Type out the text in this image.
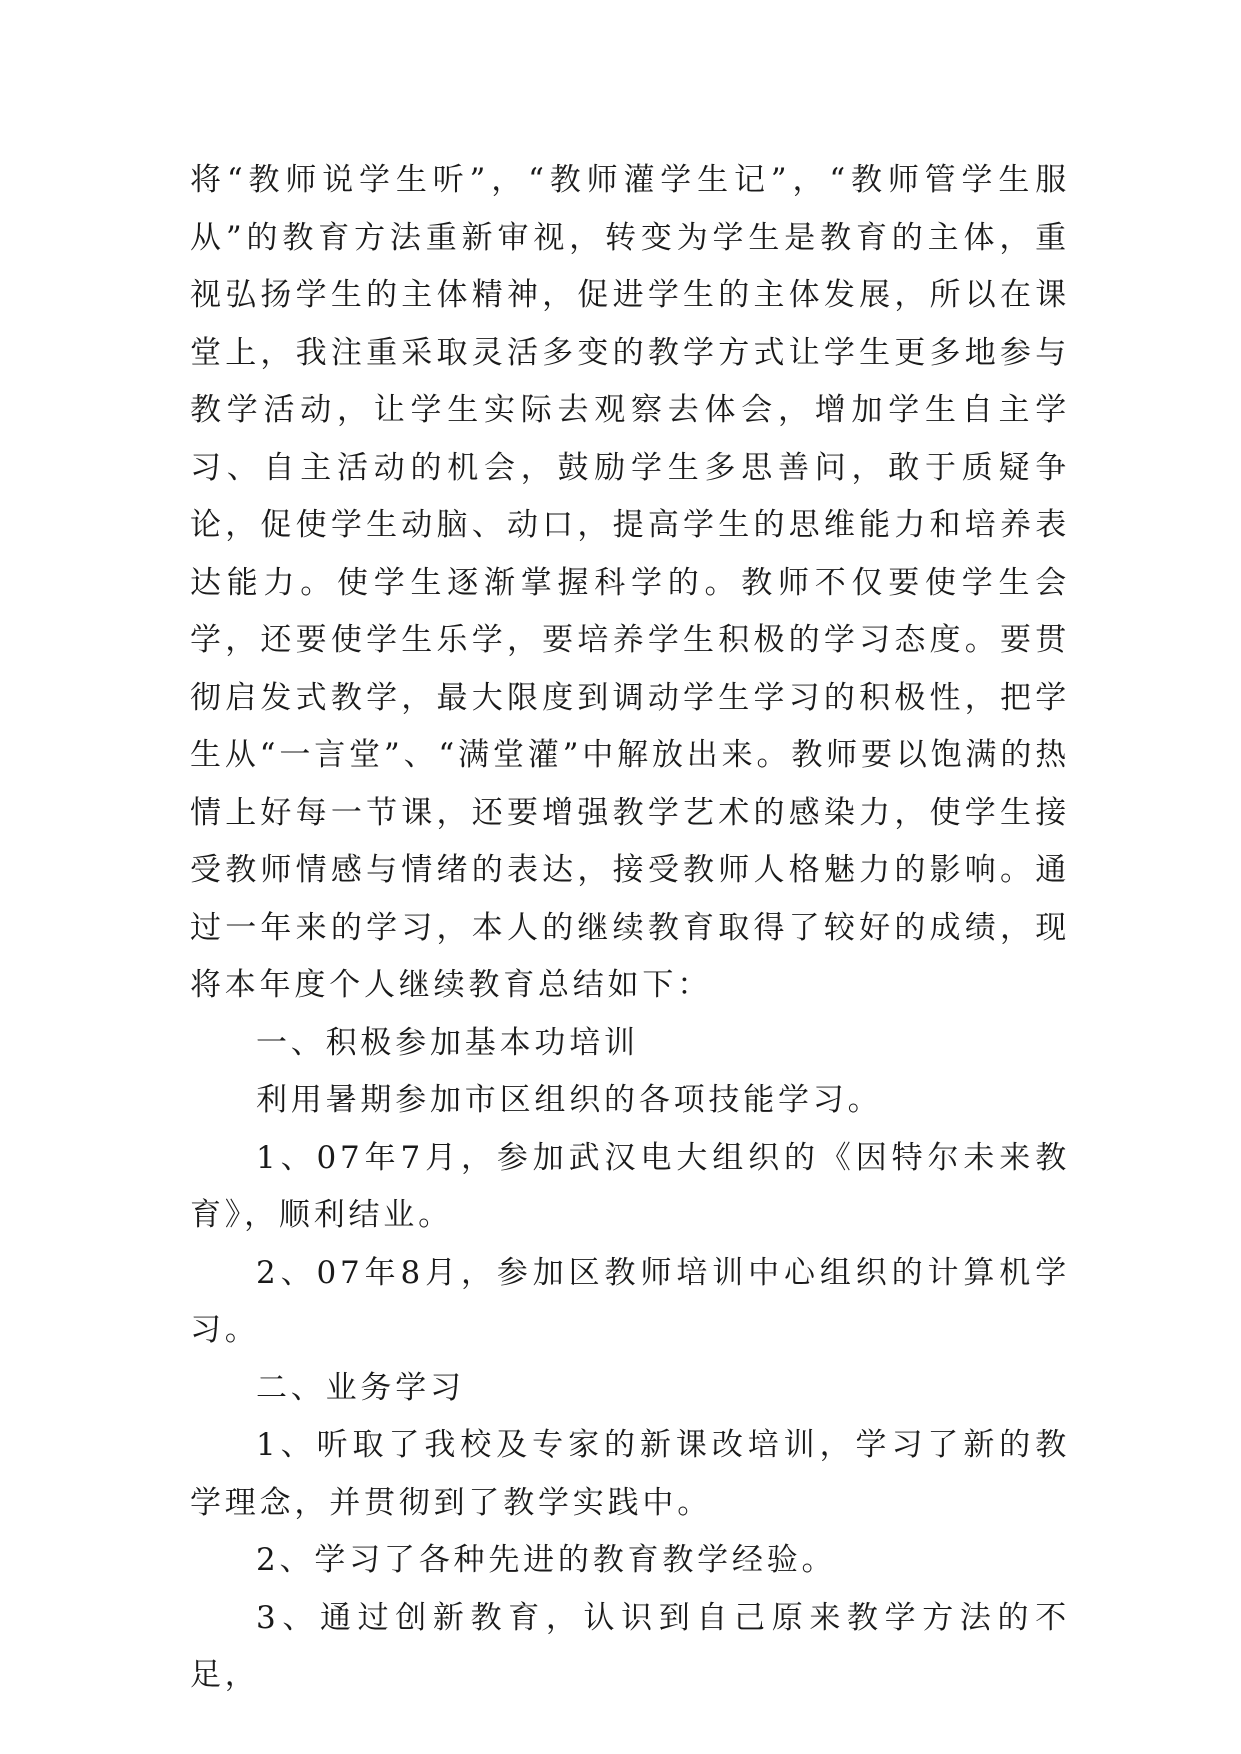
将“教师说学生听”，“教师灌学生记”，“教师管学生服从”的教育方法重新审视，转变为学生是教育的主体，重视弘扬学生的主体精神，促进学生的主体发展，所以在课堂上，我注重采取灵活多变的教学方式让学生更多地参与教学活动，让学生实际去观察去体会，增加学生自主学习、自主活动的机会，鼓励学生多思善问，敢于质疑争论，促使学生动脑、动口，提高学生的思维能力和培养表达能力。使学生逐渐掌握科学的。教师不仅要使学生会学，还要使学生乐学，要培养学生积极的学习态度。要贯彻启发式教学，最大限度到调动学生学习的积极性，把学生从“一言堂”、“满堂灌”中解放出来。教师要以饱满的热情上好每一节课，还要增强教学艺术的感染力，使学生接受教师情感与情绪的表达，接受教师人格魅力的影响。通过一年来的学习，本人的继续教育取得了较好的成绩，现将本年度个人继续教育总结如下：

一、积极参加基本功培训

利用暑期参加市区组织的各项技能学习。

1、07年7月，参加武汉电大组织的《因特尔未来教育》，顺利结业。

2、07年8月，参加区教师培训中心组织的计算机学习。

二、业务学习

1、听取了我校及专家的新课改培训，学习了新的教学理念，并贯彻到了教学实践中。

2、学习了各种先进的教育教学经验。

3、通过创新教育，认识到自己原来教学方法的不足，
